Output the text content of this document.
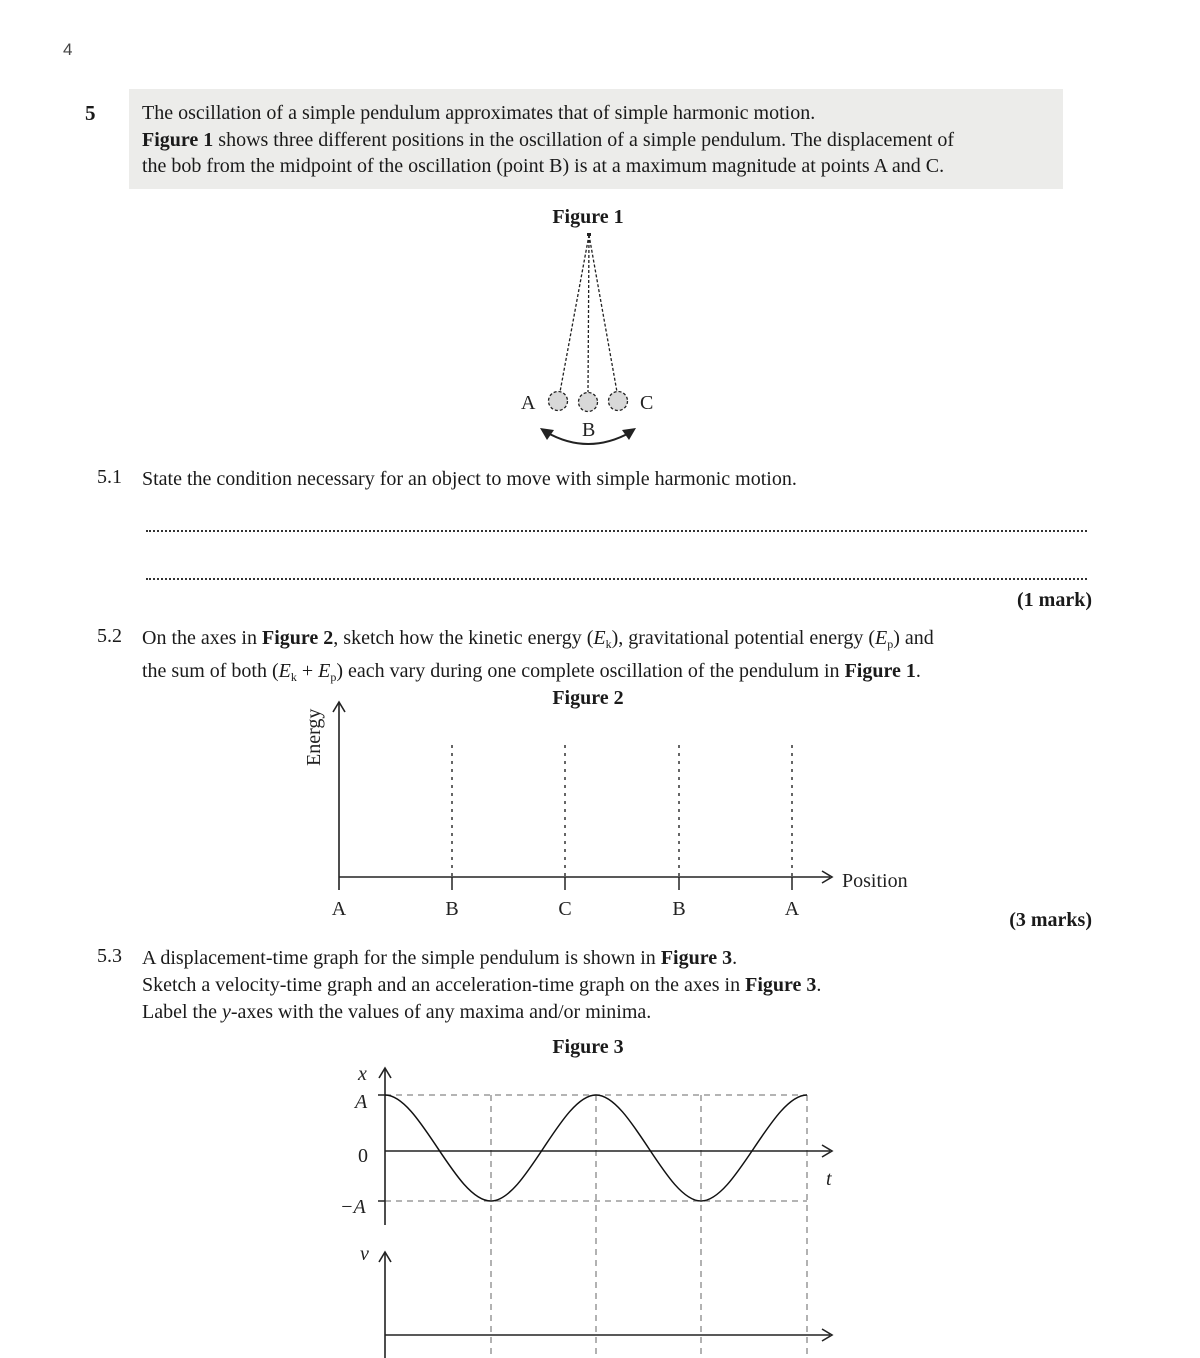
4
5 The oscillation of a simple pendulum approximates that of simple harmonic motion.

Figure 1 shows three different positions in the oscillation of a simple pendulum. The displacement of

the bob from the midpoint of the oscillation (point B) is at a maximum magnitude at points A and C.

Figure 1
A	C
B
5.1 State the condition necessary for an object to move with simple harmonic motion.
(1 mark)
5.2 On the axes in Figure 2, sketch how the kinetic energy $(E_k)$, gravitational potential energy $(E_p)$ and

the sum of both $(E_k + E_p)$ each vary during one complete oscillation of the pendulum in Figure 1.

Figure 2
Energy
Position
A	B	C	B	A	(3 marks)
5.3 A displacement-time graph for the simple pendulum is shown in Figure 3.

Sketch a velocity-time graph and an acceleration-time graph on the axes in Figure 3.

Label the y-axes with the values of any maxima and/or minima.

Figure 3
x
A
−A
t
v
0
